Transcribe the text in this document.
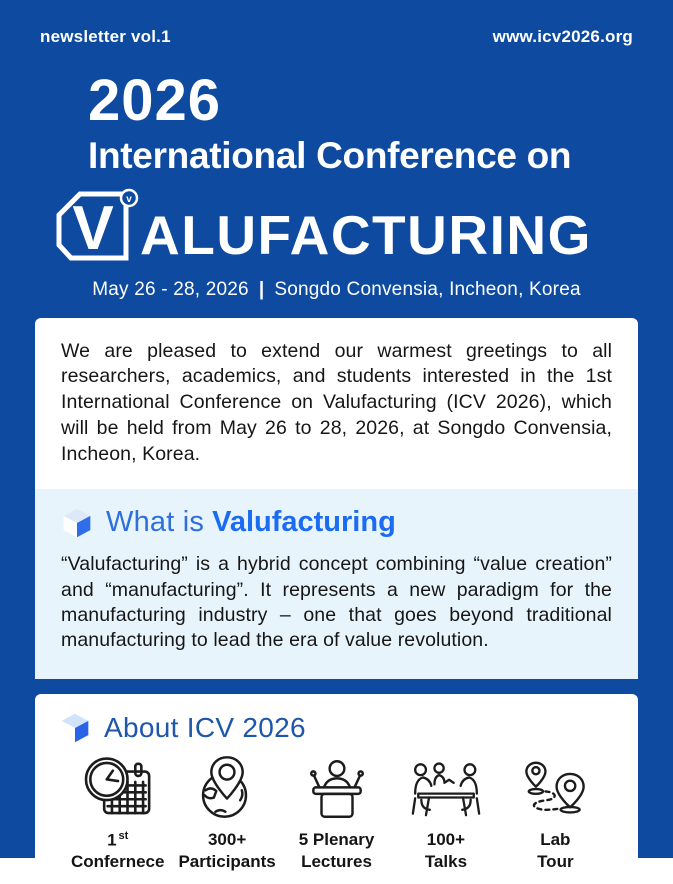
newsletter vol.1	www.icv2026.org
2026
International Conference on
V v
ALUFACTURING
May 26 - 28, 2026 | Songdo Convensia, Incheon, Korea

We are pleased to extend our warmest greetings to all researchers, academics, and students interested in the 1st International Conference on Valufacturing (ICV 2026), which will be held from May 26 to 28, 2026, at Songdo Convensia, Incheon, Korea.

What is Valufacturing

“Valufacturing” is a hybrid concept combining “value creation” and “manufacturing”. It represents a new paradigm for the manufacturing industry – one that goes beyond traditional manufacturing to lead the era of value revolution.

About ICV 2026
1 $^{st}$
Confernece
300+
Participants
5 Plenary
Lectures
100+
Talks
Lab
Tour
